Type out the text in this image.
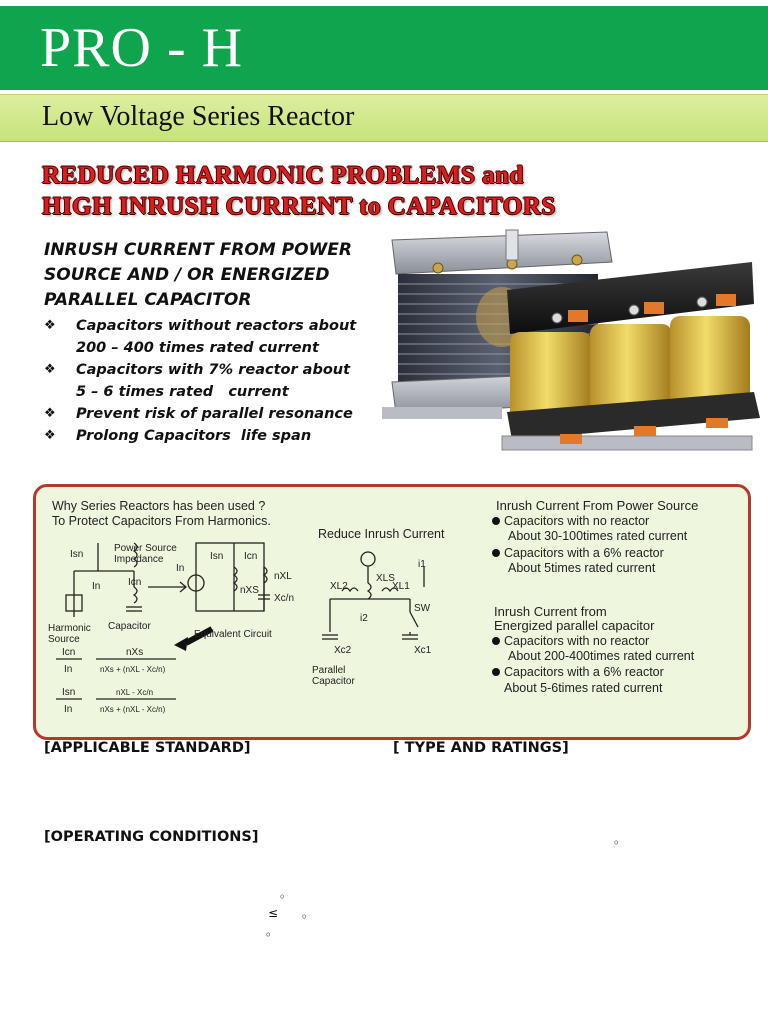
PRO - H
Low Voltage Series Reactor
REDUCED HARMONIC PROBLEMS and
HIGH INRUSH CURRENT to CAPACITORS
INRUSH CURRENT FROM POWER
SOURCE AND / OR ENERGIZED
PARALLEL CAPACITOR
❖	Capacitors without reactors about
200 – 400 times rated current
❖	Capacitors with 7% reactor about
5 – 6 times rated   current
❖	Prevent risk of parallel resonance
❖	Prolong Capacitors  life span
Why Series Reactors has been used ?
To Protect Capacitors From Harmonics.
Isn
Power Source
Impedance
In	Icn
Harmonic
Source
Capacitor
Equivalent Circuit
Isn Icn
In
nXS
nXL
Xc/n
Icn
In
nXs
nXs + (nXL - Xc/n)
Isn
In
nXL - Xc/n
nXs + (nXL - Xc/n)
Reduce Inrush Current
XLS
XL2	XL1
i1
i2
SW
Xc2	Xc1
Parallel
Capacitor
Inrush Current From Power Source
Capacitors with no reactor
About 30-100times rated current
Capacitors with a 6% reactor
About 5times rated current
Inrush Current from
Energized parallel capacitor
Capacitors with no reactor
About 200-400times rated current
Capacitors with a 6% reactor
About 5-6times rated current
[APPLICABLE STANDARD]	[ TYPE AND RATINGS]
[OPERATING CONDITIONS]	。
。
≤ 。
。
